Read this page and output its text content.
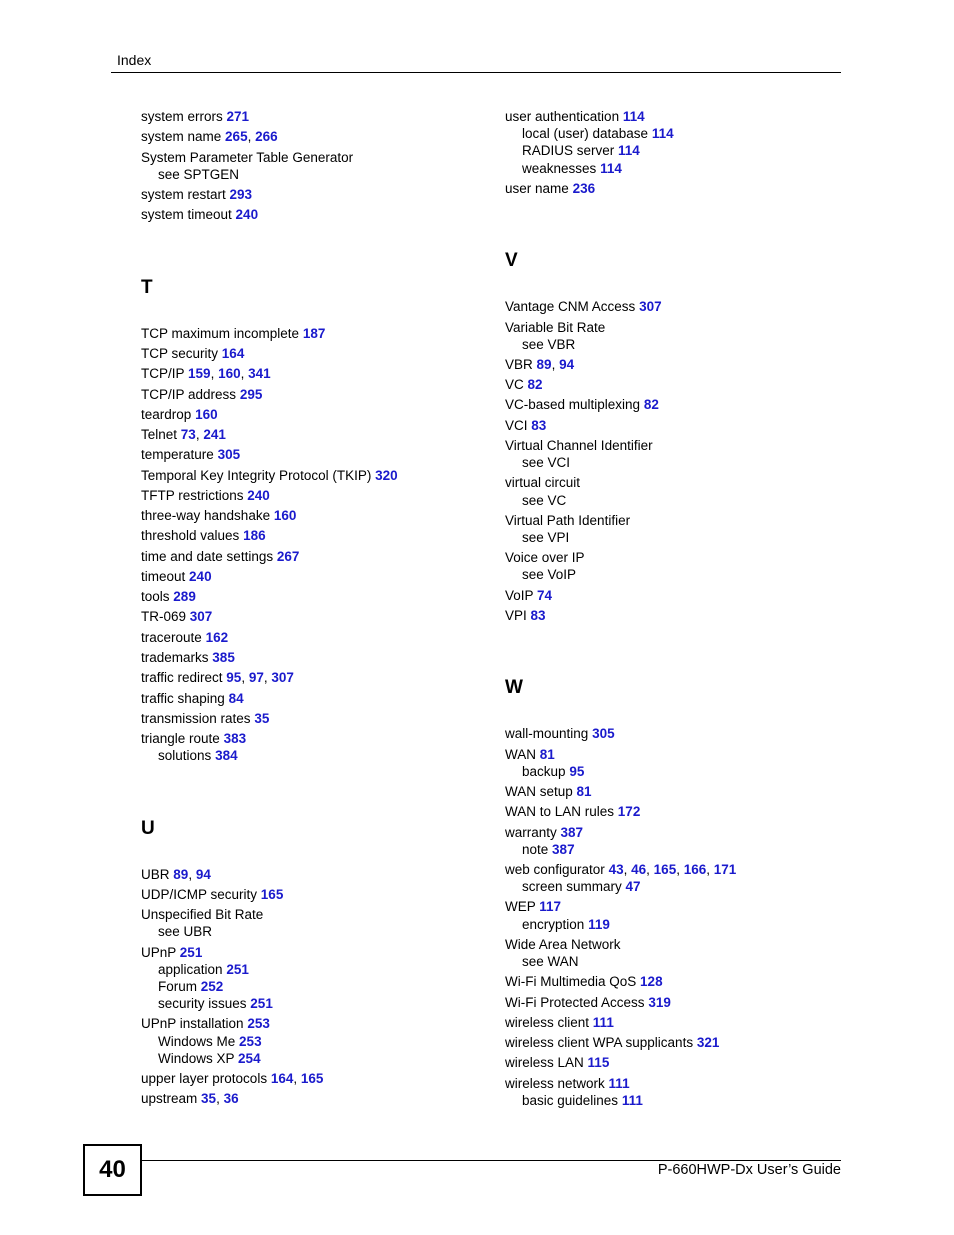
Index
system errors 271
system name 265, 266
System Parameter Table Generator
see SPTGEN
system restart 293
system timeout 240
T
TCP maximum incomplete 187
TCP security 164
TCP/IP 159, 160, 341
TCP/IP address 295
teardrop 160
Telnet 73, 241
temperature 305
Temporal Key Integrity Protocol (TKIP) 320
TFTP restrictions 240
three-way handshake 160
threshold values 186
time and date settings 267
timeout 240
tools 289
TR-069 307
traceroute 162
trademarks 385
traffic redirect 95, 97, 307
traffic shaping 84
transmission rates 35
triangle route 383
solutions 384
U
UBR 89, 94
UDP/ICMP security 165
Unspecified Bit Rate
see UBR
UPnP 251
application 251
Forum 252
security issues 251
UPnP installation 253
Windows Me 253
Windows XP 254
upper layer protocols 164, 165
upstream 35, 36
user authentication 114
local (user) database 114
RADIUS server 114
weaknesses 114
user name 236
V
Vantage CNM Access 307
Variable Bit Rate
see VBR
VBR 89, 94
VC 82
VC-based multiplexing 82
VCI 83
Virtual Channel Identifier
see VCI
virtual circuit
see VC
Virtual Path Identifier
see VPI
Voice over IP
see VoIP
VoIP 74
VPI 83
W
wall-mounting 305
WAN 81
backup 95
WAN setup 81
WAN to LAN rules 172
warranty 387
note 387
web configurator 43, 46, 165, 166, 171
screen summary 47
WEP 117
encryption 119
Wide Area Network
see WAN
Wi-Fi Multimedia QoS 128
Wi-Fi Protected Access 319
wireless client 111
wireless client WPA supplicants 321
wireless LAN 115
wireless network 111
basic guidelines 111
40	P-660HWP-Dx User’s Guide
